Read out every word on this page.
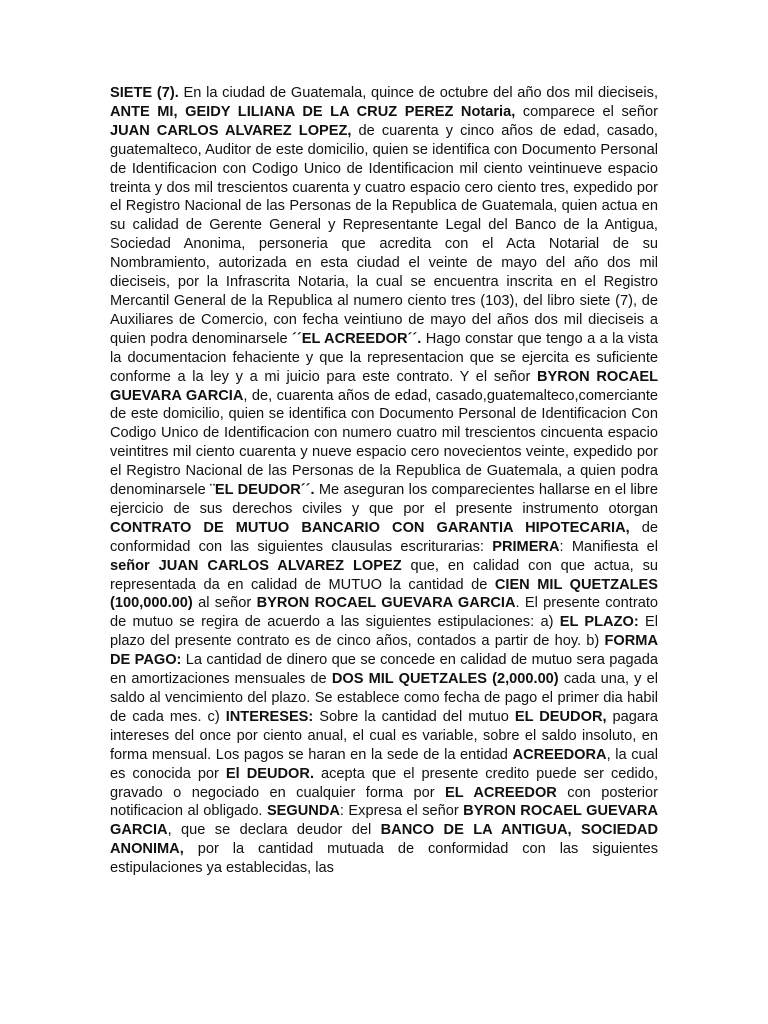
SIETE (7). En la ciudad de Guatemala, quince de octubre del año dos mil dieciseis, ANTE MI, GEIDY LILIANA DE LA CRUZ PEREZ Notaria, comparece el señor JUAN CARLOS ALVAREZ LOPEZ, de cuarenta y cinco años de edad, casado, guatemalteco, Auditor de este domicilio, quien se identifica con Documento Personal de Identificacion con Codigo Unico de Identificacion mil ciento veintinueve espacio treinta y dos mil trescientos cuarenta y cuatro espacio cero ciento tres, expedido por el Registro Nacional de las Personas de la Republica de Guatemala, quien actua en su calidad de Gerente General y Representante Legal del Banco de la Antigua, Sociedad Anonima, personeria que acredita con el Acta Notarial de su Nombramiento, autorizada en esta ciudad el veinte de mayo del año dos mil dieciseis, por la Infrascrita Notaria, la cual se encuentra inscrita en el Registro Mercantil General de la Republica al numero ciento tres (103), del libro siete (7), de Auxiliares de Comercio, con fecha veintiuno de mayo del años dos mil dieciseis a quien podra denominarsele ´´EL ACREEDOR´´. Hago constar que tengo a a la vista la documentacion fehaciente y que la representacion que se ejercita es suficiente conforme a la ley y a mi juicio para este contrato. Y el señor BYRON ROCAEL GUEVARA GARCIA, de, cuarenta años de edad, casado,guatemalteco,comerciante de este domicilio, quien se identifica con Documento Personal de Identificacion Con Codigo Unico de Identificacion con numero cuatro mil trescientos cincuenta espacio veintitres mil ciento cuarenta y nueve espacio cero novecientos veinte, expedido por el Registro Nacional de las Personas de la Republica de Guatemala, a quien podra denominarsele ¨EL DEUDOR´´. Me aseguran los comparecientes hallarse en el libre ejercicio de sus derechos civiles y que por el presente instrumento otorgan CONTRATO DE MUTUO BANCARIO CON GARANTIA HIPOTECARIA, de conformidad con las siguientes clausulas escriturarias: PRIMERA: Manifiesta el señor JUAN CARLOS ALVAREZ LOPEZ que, en calidad con que actua, su representada da en calidad de MUTUO la cantidad de CIEN MIL QUETZALES (100,000.00) al señor BYRON ROCAEL GUEVARA GARCIA. El presente contrato de mutuo se regira de acuerdo a las siguientes estipulaciones: a) EL PLAZO: El plazo del presente contrato es de cinco años, contados a partir de hoy. b) FORMA DE PAGO: La cantidad de dinero que se concede en calidad de mutuo sera pagada en amortizaciones mensuales de DOS MIL QUETZALES (2,000.00) cada una, y el saldo al vencimiento del plazo. Se establece como fecha de pago el primer dia habil de cada mes. c) INTERESES: Sobre la cantidad del mutuo EL DEUDOR, pagara intereses del once por ciento anual, el cual es variable, sobre el saldo insoluto, en forma mensual. Los pagos se haran en la sede de la entidad ACREEDORA, la cual es conocida por El DEUDOR. acepta que el presente credito puede ser cedido, gravado o negociado en cualquier forma por EL ACREEDOR con posterior notificacion al obligado. SEGUNDA: Expresa el señor BYRON ROCAEL GUEVARA GARCIA, que se declara deudor del BANCO DE LA ANTIGUA, SOCIEDAD ANONIMA, por la cantidad mutuada de conformidad con las siguientes estipulaciones ya establecidas, las
